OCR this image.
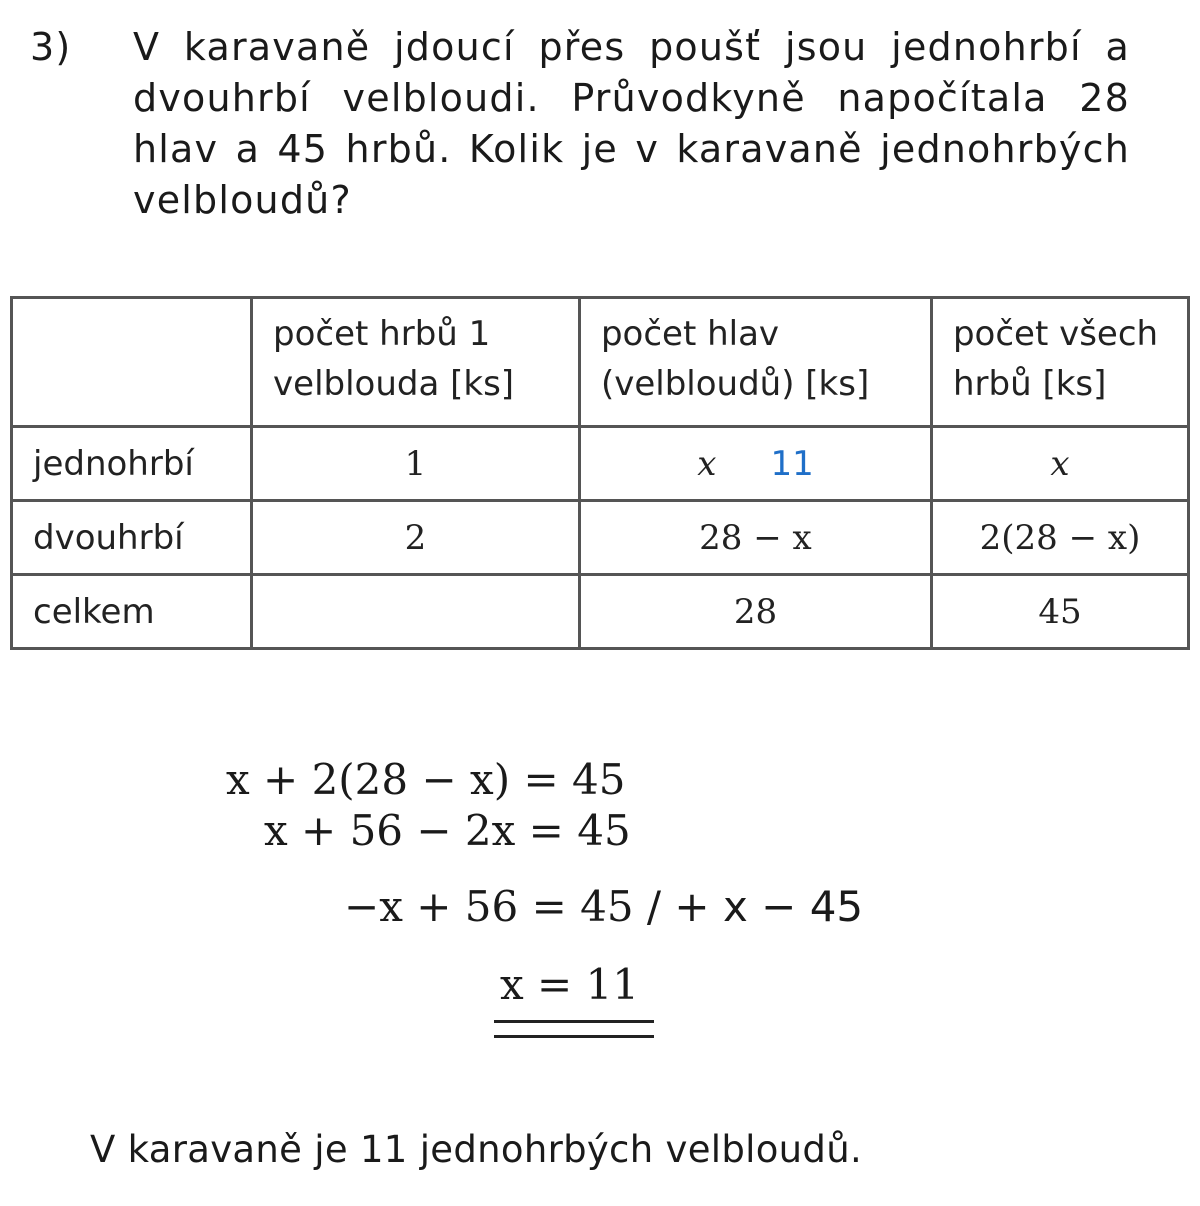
3) V karavaně jdoucí přes poušť jsou jednohrbí a dvouhrbí velbloudi. Průvodkyně napočítala 28 hlav a 45 hrbů. Kolik je v karavaně jednohrbých velbloudů?
	počet hrbů 1 velblouda [ks]	počet hlav (velbloudů) [ks]	počet všech hrbů [ks]
jednohrbí	1	x 11	x
dvouhrbí	2	28 − x	2(28 − x)
celkem		28	45
x + 2(28 − x) = 45
x + 56 − 2x = 45
−x + 56 = 45 / + x − 45
x = 11
V karavaně je 11 jednohrbých velbloudů.
